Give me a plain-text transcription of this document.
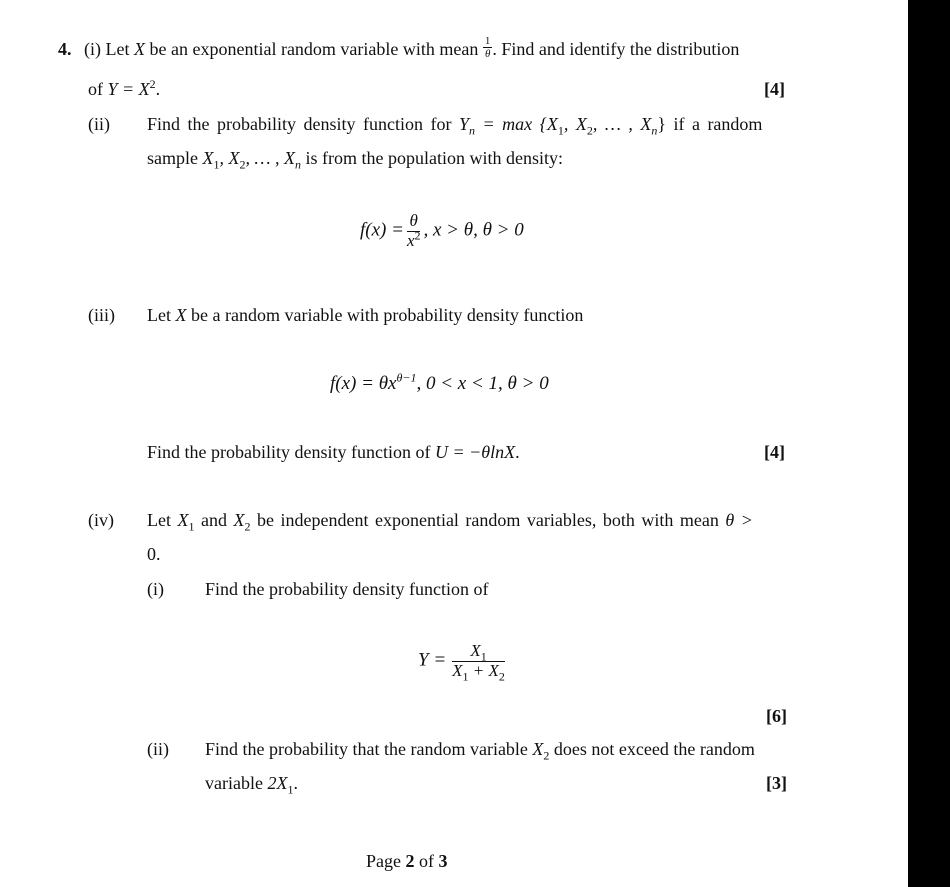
4. (i) Let X be an exponential random variable with mean $\frac{1}{\theta}$ . Find and identify the distribution
of $Y = X^2$.	[4]
(ii) Find the probability density function for $Y_n = \max \{X_1$, $X_2$, … , $X_n$} if a random
sample $X_1$, $X_2$, … , $X_n$ is from the population with density:
$f(x) = \frac{\theta}{x^2}$ , x > θ, θ > 0
(iii) Let X be a random variable with probability density function
$f(x) = \theta x^{\theta-1}$, 0 < x < 1, θ > 0
Find the probability density function of U = −θlnX.	[4]
(iv) Let $X_1$ and $X_2$ be independent exponential random variables, both with mean θ >
0.
(i) Find the probability density function of
$Y = \frac{X_1}{X_1 + X_2}$
[6]
(ii) Find the probability that the random variable $X_2$ does not exceed the random
variable $2X_1$.	[3]
Page 2 of 3
